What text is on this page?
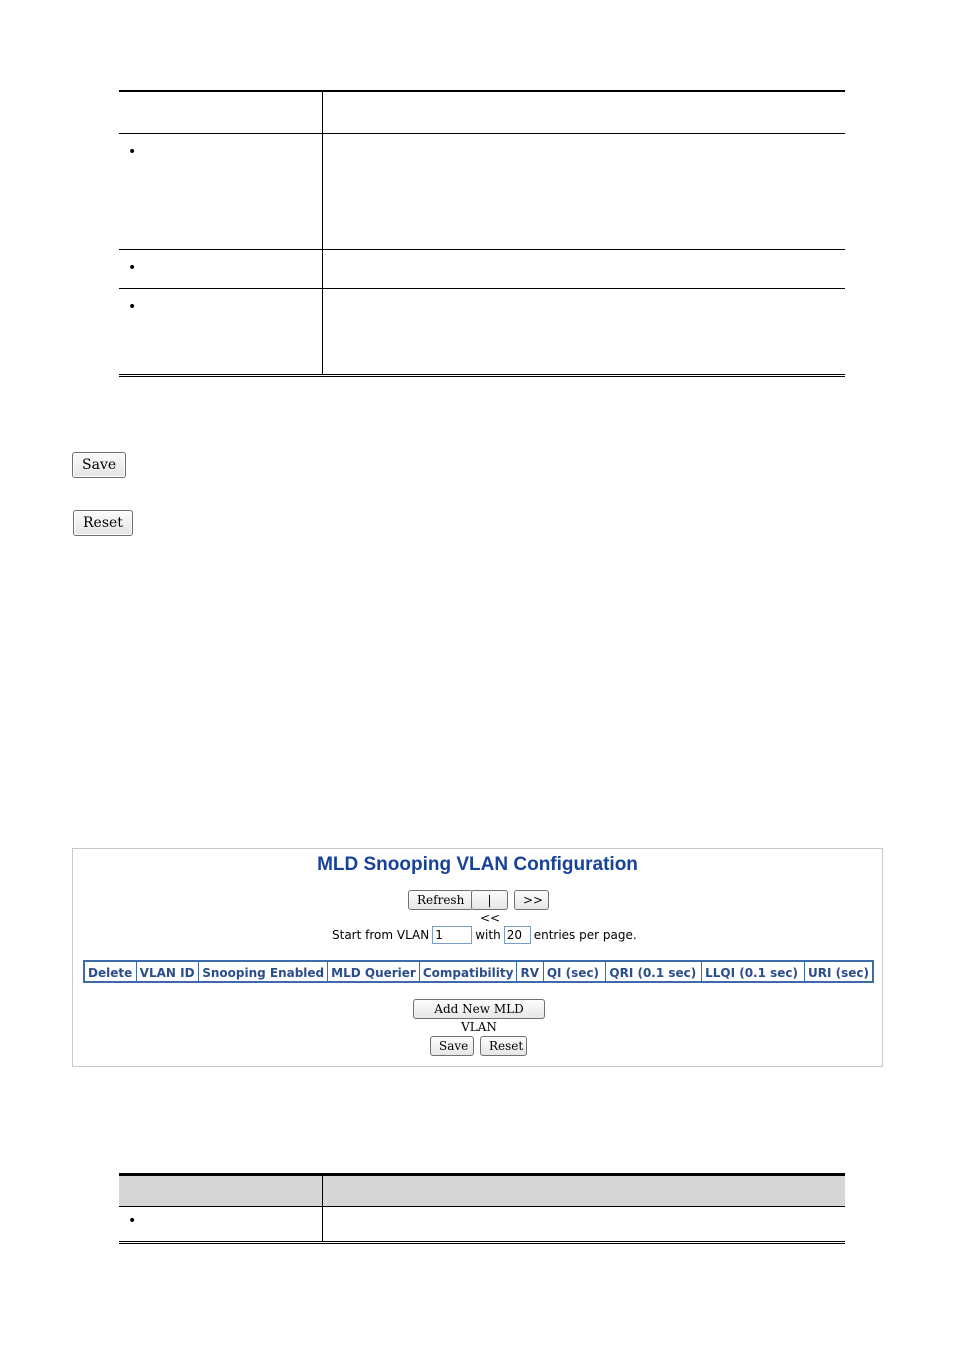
•	
•	
•	
Save
Reset
MLD Snooping VLAN Configuration
Refresh	|<<
>>
Start from VLAN
1	with
20	entries per page.
Delete	VLAN ID	Snooping Enabled	MLD Querier	Compatibility	RV	QI (sec)	QRI (0.1 sec)	LLQI (0.1 sec)	URI (sec)
Add New MLD VLAN
Save	Reset

•	
